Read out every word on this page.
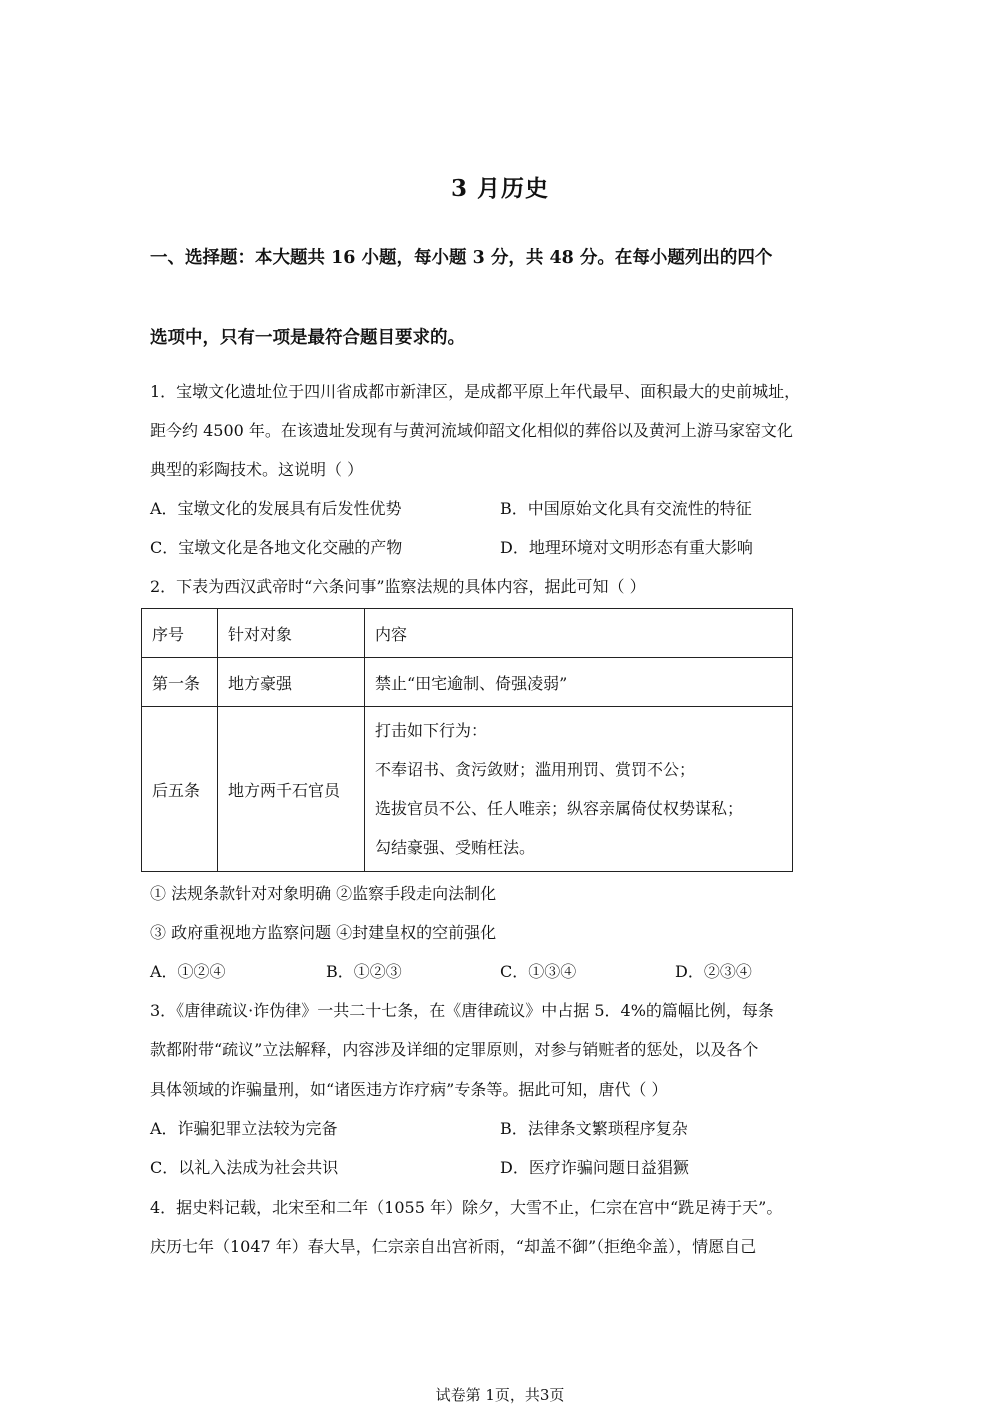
3 月历史
一、选择题：本大题共 16 小题，每小题 3 分，共 48 分。在每小题列出的四个
选项中，只有一项是最符合题目要求的。
1．宝墩文化遗址位于四川省成都市新津区，是成都平原上年代最早、面积最大的史前城址，
距今约 4500 年。在该遗址发现有与黄河流域仰韶文化相似的葬俗以及黄河上游马家窑文化
典型的彩陶技术。这说明（ ）
A．宝墩文化的发展具有后发性优势	B．中国原始文化具有交流性的特征
C．宝墩文化是各地文化交融的产物	D．地理环境对文明形态有重大影响
2．下表为西汉武帝时“六条问事”监察法规的具体内容，据此可知（ ）
序号	针对对象	内容
第一条	地方豪强	禁止“田宅逾制、倚强凌弱”
后五条	地方两千石官员	打击如下行为：
不奉诏书、贪污敛财；滥用刑罚、赏罚不公；
选拔官员不公、任人唯亲；纵容亲属倚仗权势谋私；
勾结豪强、受贿枉法。
① 法规条款针对对象明确 ②监察手段走向法制化
③ 政府重视地方监察问题 ④封建皇权的空前强化
A．①②④	B．①②③	C．①③④	D．②③④
3．《唐律疏议·诈伪律》一共二十七条，在《唐律疏议》中占据 5．4%的篇幅比例，每条
款都附带“疏议”立法解释，内容涉及详细的定罪原则，对参与销赃者的惩处，以及各个
具体领域的诈骗量刑，如“诸医违方诈疗病”专条等。据此可知，唐代（ ）
A．诈骗犯罪立法较为完备	B．法律条文繁琐程序复杂
C．以礼入法成为社会共识	D．医疗诈骗问题日益猖獗
4．据史料记载，北宋至和二年（1055 年）除夕，大雪不止，仁宗在宫中“跣足祷于天”。
庆历七年（1047 年）春大旱，仁宗亲自出宫祈雨，“却盖不御”（拒绝伞盖），情愿自己
试卷第 1页，共3页
